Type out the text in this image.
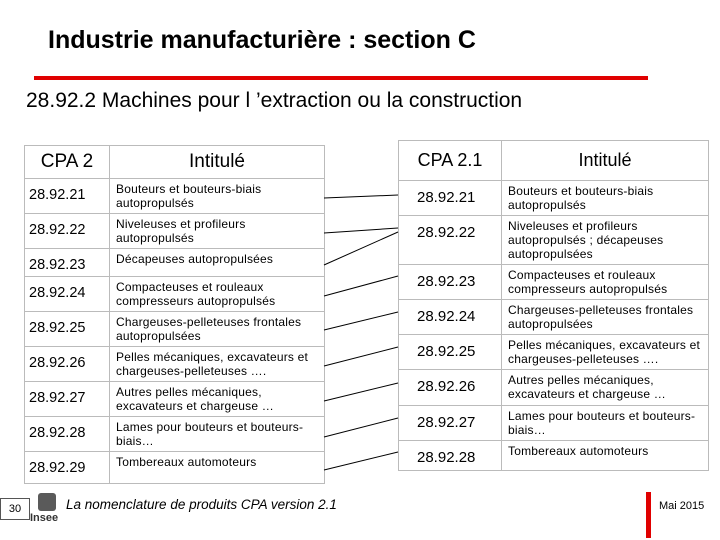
Industrie manufacturière : section C
28.92.2 Machines pour l ’extraction ou la construction
CPA 2	Intitulé
28.92.21	Bouteurs et bouteurs-biais autopropulsés
28.92.22	Niveleuses et profileurs autopropulsés
28.92.23	Décapeuses autopropulsées
28.92.24	Compacteuses et rouleaux compresseurs autopropulsés
28.92.25	Chargeuses-pelleteuses frontales autopropulsées
28.92.26	Pelles mécaniques, excavateurs et chargeuses-pelleteuses ….
28.92.27	Autres pelles mécaniques, excavateurs et chargeuse …
28.92.28	Lames pour bouteurs et bouteurs-biais…
28.92.29	Tombereaux automoteurs
CPA 2.1	Intitulé
28.92.21	Bouteurs et bouteurs-biais autopropulsés
28.92.22	Niveleuses et profileurs autopropulsés ; décapeuses autopropulsées
28.92.23	Compacteuses et rouleaux compresseurs autopropulsés
28.92.24	Chargeuses-pelleteuses frontales autopropulsées
28.92.25	Pelles mécaniques, excavateurs et chargeuses-pelleteuses ….
28.92.26	Autres pelles mécaniques, excavateurs et chargeuse …
28.92.27	Lames pour bouteurs et bouteurs-biais…
28.92.28	Tombereaux automoteurs
30
Insee
La nomenclature de produits CPA version 2.1	Mai 2015
